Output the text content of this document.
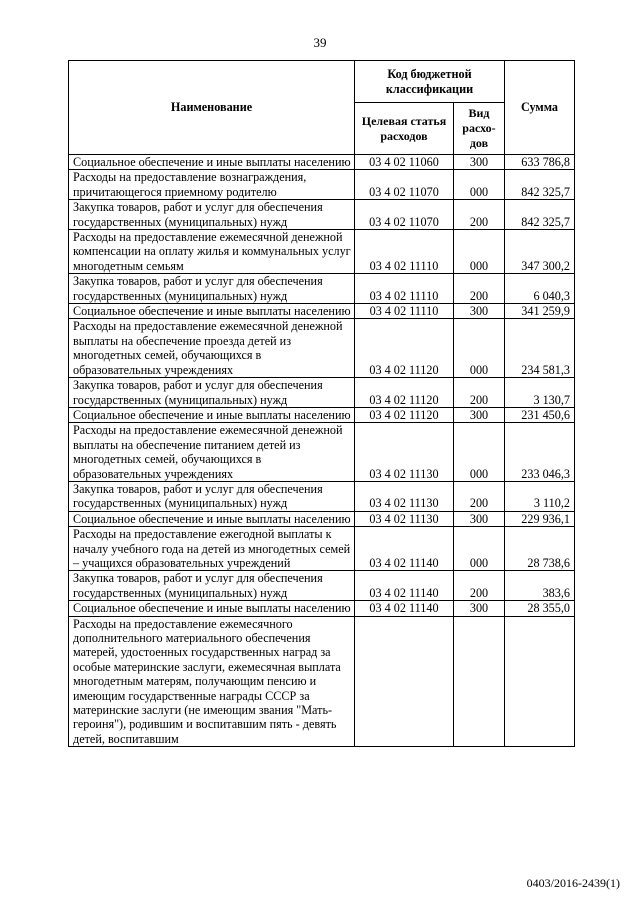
39
Наименование	Код бюджетной классификации		Сумма
	Целевая статья расходов	Вид расхо-дов	
Социальное обеспечение и иные выплаты населению	03 4 02 11060	300	633 786,8
Расходы на предоставление вознаграждения, причитающегося приемному родителю	03 4 02 11070	000	842 325,7
Закупка товаров, работ и услуг для обеспечения государственных (муниципальных) нужд	03 4 02 11070	200	842 325,7
Расходы на предоставление ежемесячной денежной компенсации на оплату жилья и коммунальных услуг многодетным семьям	03 4 02 11110	000	347 300,2
Закупка товаров, работ и услуг для обеспечения государственных (муниципальных) нужд	03 4 02 11110	200	6 040,3
Социальное обеспечение и иные выплаты населению	03 4 02 11110	300	341 259,9
Расходы на предоставление ежемесячной денежной выплаты на обеспечение проезда детей из многодетных семей, обучающихся в образовательных учреждениях	03 4 02 11120	000	234 581,3
Закупка товаров, работ и услуг для обеспечения государственных (муниципальных) нужд	03 4 02 11120	200	3 130,7
Социальное обеспечение и иные выплаты населению	03 4 02 11120	300	231 450,6
Расходы на предоставление ежемесячной денежной выплаты на обеспечение питанием детей из многодетных семей, обучающихся в образовательных учреждениях	03 4 02 11130	000	233 046,3
Закупка товаров, работ и услуг для обеспечения государственных (муниципальных) нужд	03 4 02 11130	200	3 110,2
Социальное обеспечение и иные выплаты населению	03 4 02 11130	300	229 936,1
Расходы на предоставление ежегодной выплаты к началу учебного года на детей из многодетных семей – учащихся образовательных учреждений	03 4 02 11140	000	28 738,6
Закупка товаров, работ и услуг для обеспечения государственных (муниципальных) нужд	03 4 02 11140	200	383,6
Социальное обеспечение и иные выплаты населению	03 4 02 11140	300	28 355,0
Расходы на предоставление ежемесячного дополнительного материального обеспечения матерей, удостоенных государственных наград за особые материнские заслуги, ежемесячная выплата многодетным матерям, получающим пенсию и имеющим государственные награды СССР за материнские заслуги (не имеющим звания "Мать-героиня"), родившим и воспитавшим пять - девять детей, воспитавшим			
0403/2016-2439(1)
